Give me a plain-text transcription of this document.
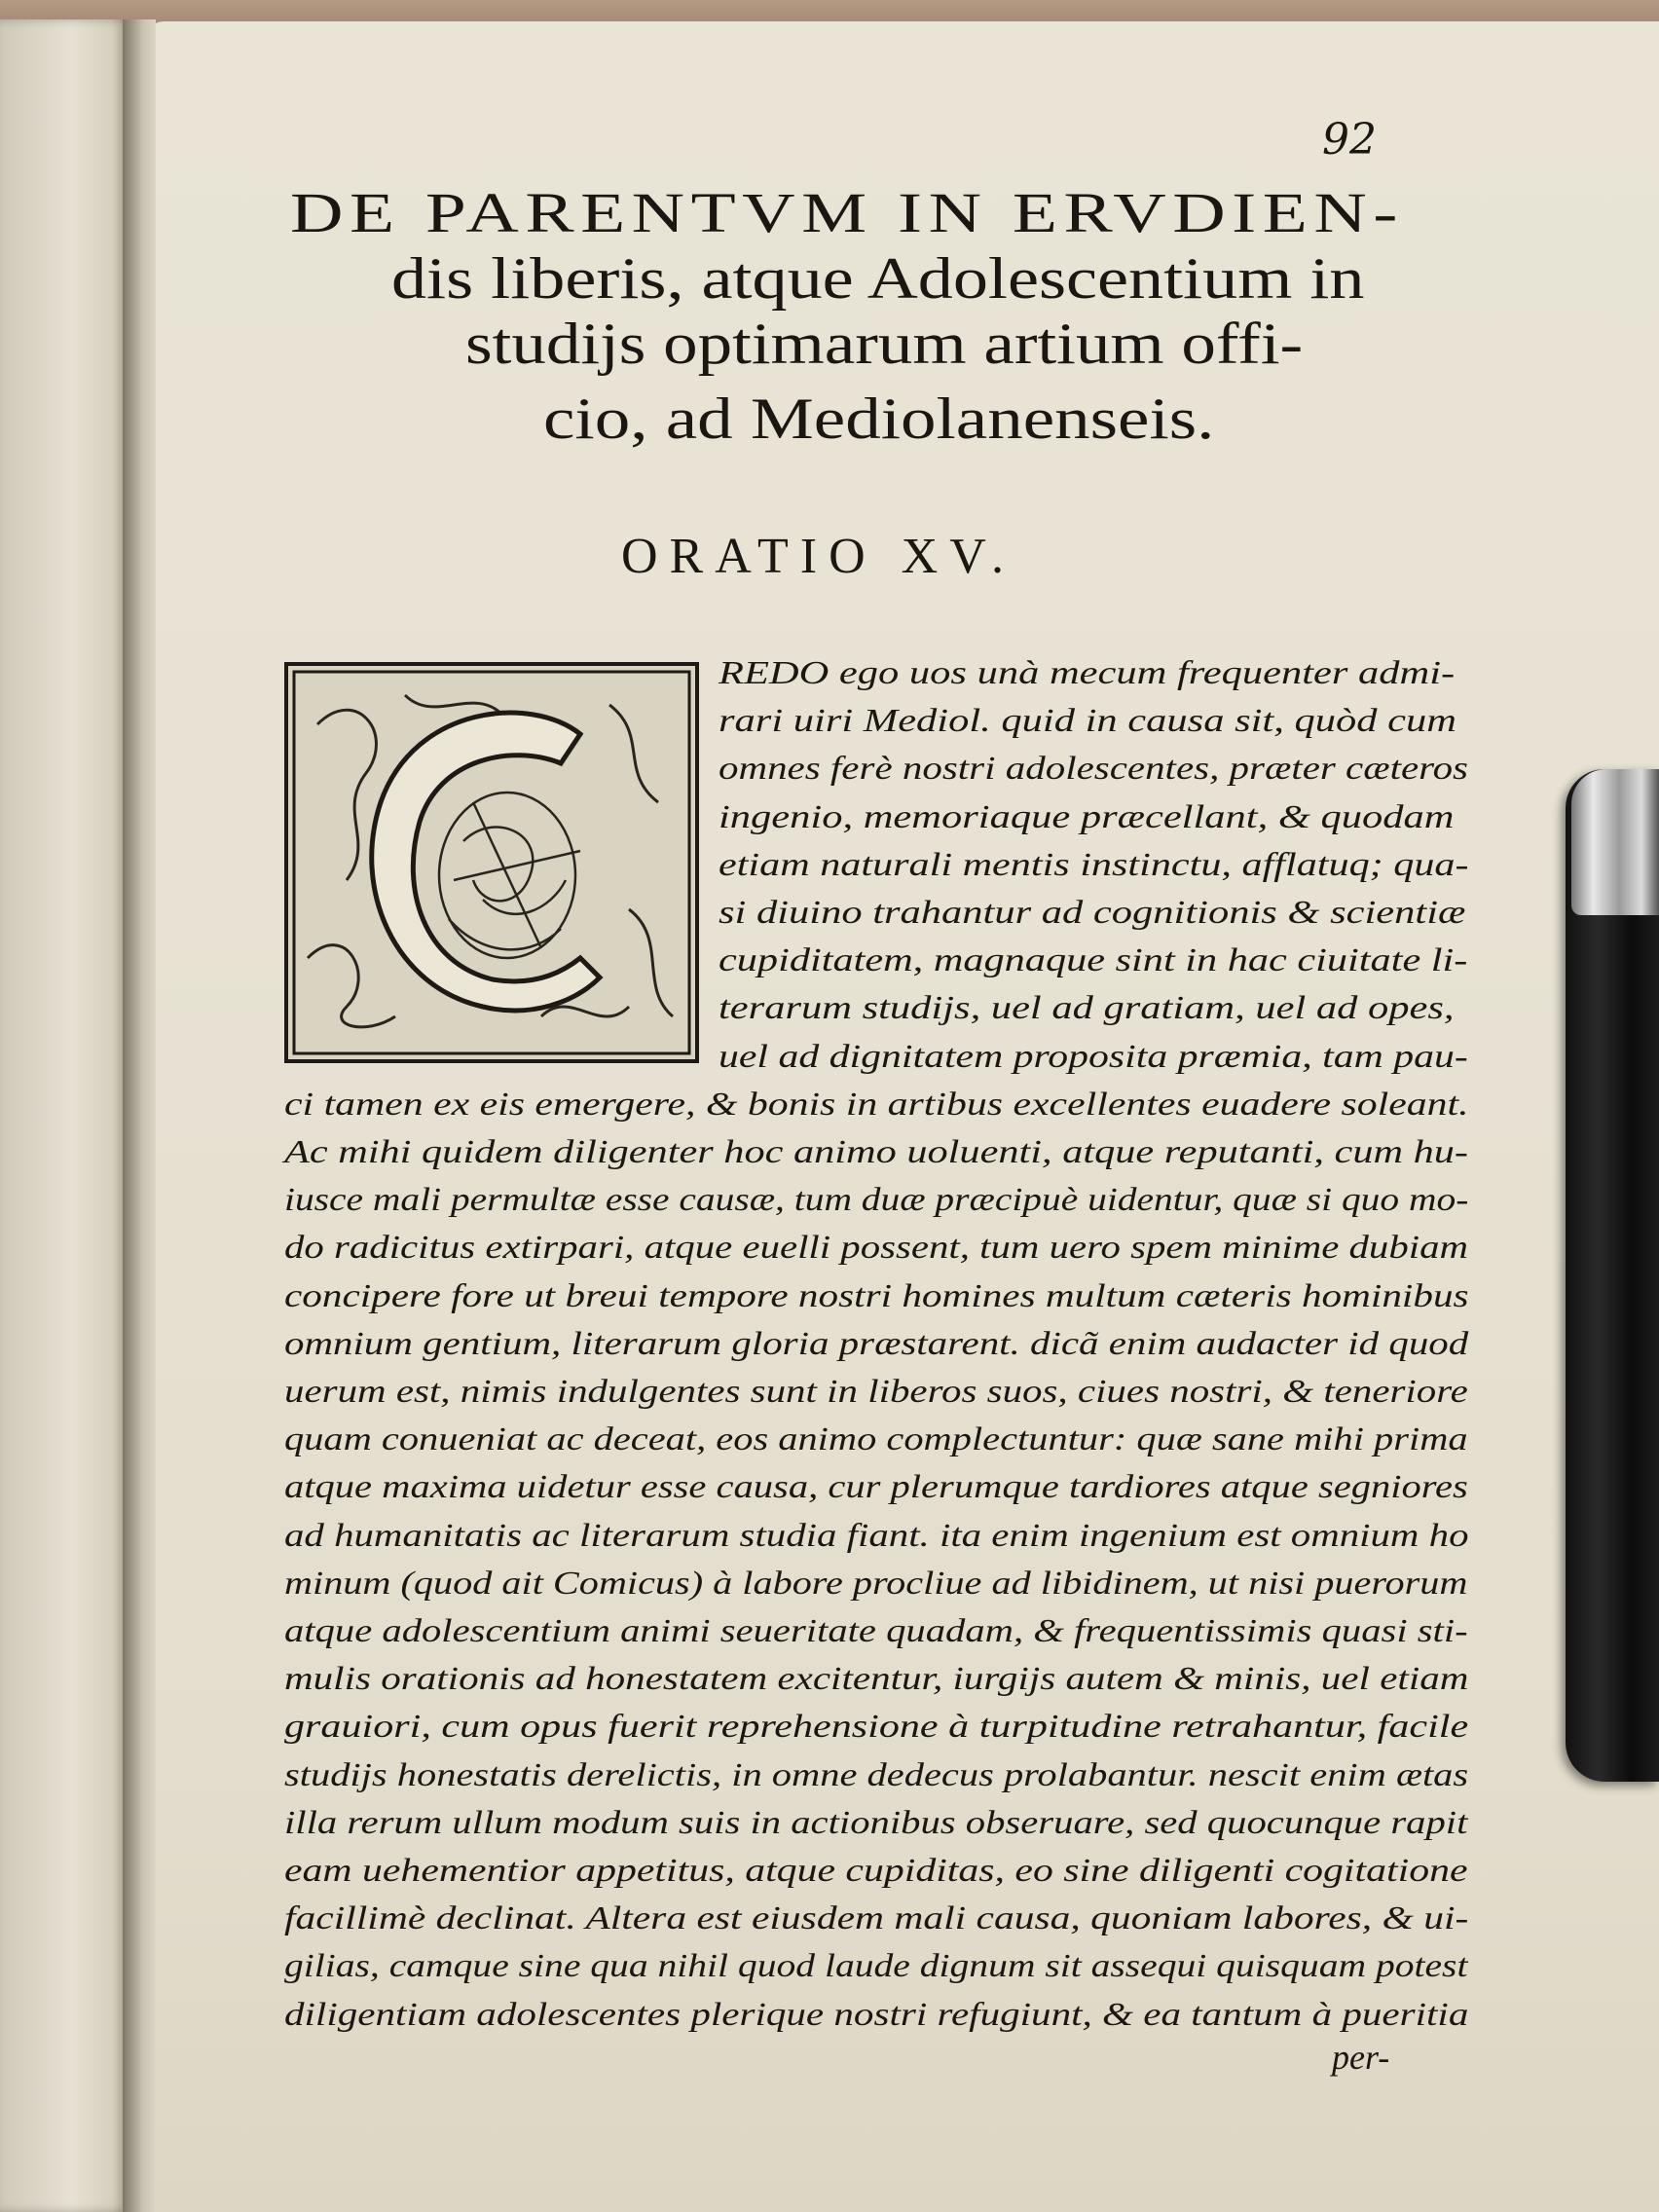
92
DE PARENTVM IN ERVDIEN-
dis liberis, atque Adolescentium in
studijs optimarum artium offi-
cio, ad Mediolanenseis.
ORATIO XV.
REDO ego uos unà mecum frequenter admi-
rari uiri Mediol. quid in causa sit, quòd cum
omnes ferè nostri adolescentes, præter cæteros
ingenio, memoriaque præcellant, & quodam
etiam naturali mentis instinctu, afflatuq; qua-
si diuino trahantur ad cognitionis & scientiæ
cupiditatem, magnaque sint in hac ciuitate li-
terarum studijs, uel ad gratiam, uel ad opes,
uel ad dignitatem proposita præmia, tam pau-
ci tamen ex eis emergere, & bonis in artibus excellentes euadere soleant.
Ac mihi quidem diligenter hoc animo uoluenti, atque reputanti, cum hu-
iusce mali permultæ esse causæ, tum duæ præcipuè uidentur, quæ si quo mo-
do radicitus extirpari, atque euelli possent, tum uero spem minime dubiam
concipere fore ut breui tempore nostri homines multum cæteris hominibus
omnium gentium, literarum gloria præstarent. dicã enim audacter id quod
uerum est, nimis indulgentes sunt in liberos suos, ciues nostri, & teneriore
quam conueniat ac deceat, eos animo complectuntur: quæ sane mihi prima
atque maxima uidetur esse causa, cur plerumque tardiores atque segniores
ad humanitatis ac literarum studia fiant. ita enim ingenium est omnium ho
minum (quod ait Comicus) à labore procliue ad libidinem, ut nisi puerorum
atque adolescentium animi seueritate quadam, & frequentissimis quasi sti-
mulis orationis ad honestatem excitentur, iurgijs autem & minis, uel etiam
grauiori, cum opus fuerit reprehensione à turpitudine retrahantur, facile
studijs honestatis derelictis, in omne dedecus prolabantur. nescit enim ætas
illa rerum ullum modum suis in actionibus obseruare, sed quocunque rapit
eam uehementior appetitus, atque cupiditas, eo sine diligenti cogitatione
facillimè declinat. Altera est eiusdem mali causa, quoniam labores, & ui-
gilias, camque sine qua nihil quod laude dignum sit assequi quisquam potest
diligentiam adolescentes plerique nostri refugiunt, & ea tantum à pueritia
per-
